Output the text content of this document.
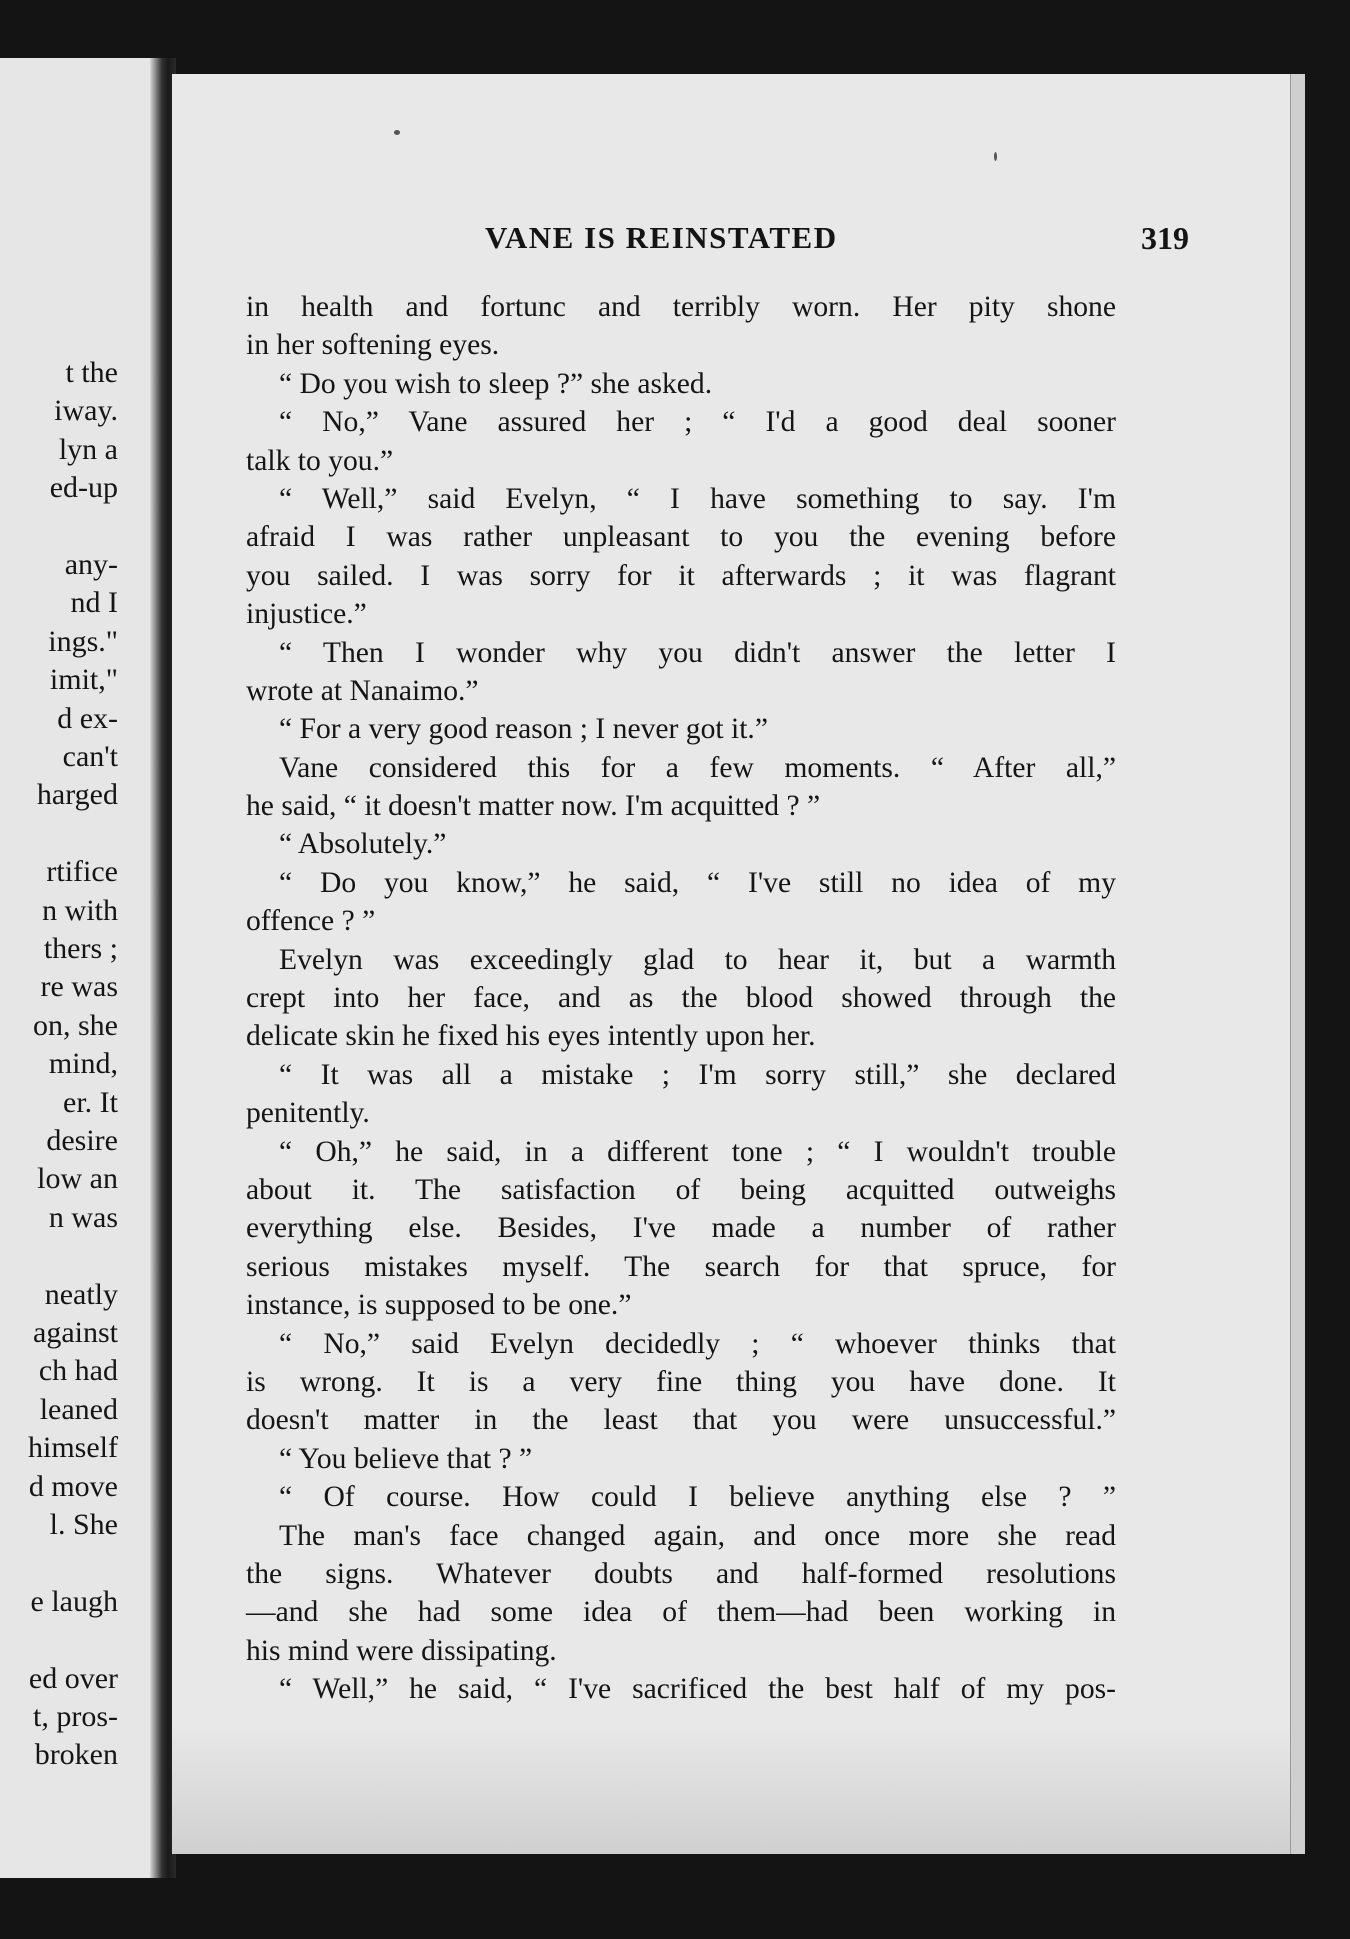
t the
iway.
lyn a
ed-up
any-
nd I
ings."
imit,"
d ex-
can't
harged
rtifice
n with
thers ;
re was
on, she
mind,
er. It
desire
low an
n was
neatly
against
ch had
leaned
himself
d move
l. She
e laugh
ed over
t, pros-
broken
VANE IS REINSTATED	319
in health and fortunc and terribly worn. Her pity shone
in her softening eyes.
“ Do you wish to sleep ?” she asked.
“ No,” Vane assured her ; “ I'd a good deal sooner
talk to you.”
“ Well,” said Evelyn, “ I have something to say. I'm
afraid I was rather unpleasant to you the evening before
you sailed. I was sorry for it afterwards ; it was flagrant
injustice.”
“ Then I wonder why you didn't answer the letter I
wrote at Nanaimo.”
“ For a very good reason ; I never got it.”
Vane considered this for a few moments. “ After all,”
he said, “ it doesn't matter now. I'm acquitted ? ”
“ Absolutely.”
“ Do you know,” he said, “ I've still no idea of my
offence ? ”
Evelyn was exceedingly glad to hear it, but a warmth
crept into her face, and as the blood showed through the
delicate skin he fixed his eyes intently upon her.
“ It was all a mistake ; I'm sorry still,” she declared
penitently.
“ Oh,” he said, in a different tone ; “ I wouldn't trouble
about it. The satisfaction of being acquitted outweighs
everything else. Besides, I've made a number of rather
serious mistakes myself. The search for that spruce, for
instance, is supposed to be one.”
“ No,” said Evelyn decidedly ; “ whoever thinks that
is wrong. It is a very fine thing you have done. It
doesn't matter in the least that you were unsuccessful.”
“ You believe that ? ”
“ Of course. How could I believe anything else ? ”
The man's face changed again, and once more she read
the signs. Whatever doubts and half-formed resolutions
—and she had some idea of them—had been working in
his mind were dissipating.
“ Well,” he said, “ I've sacrificed the best half of my pos-
